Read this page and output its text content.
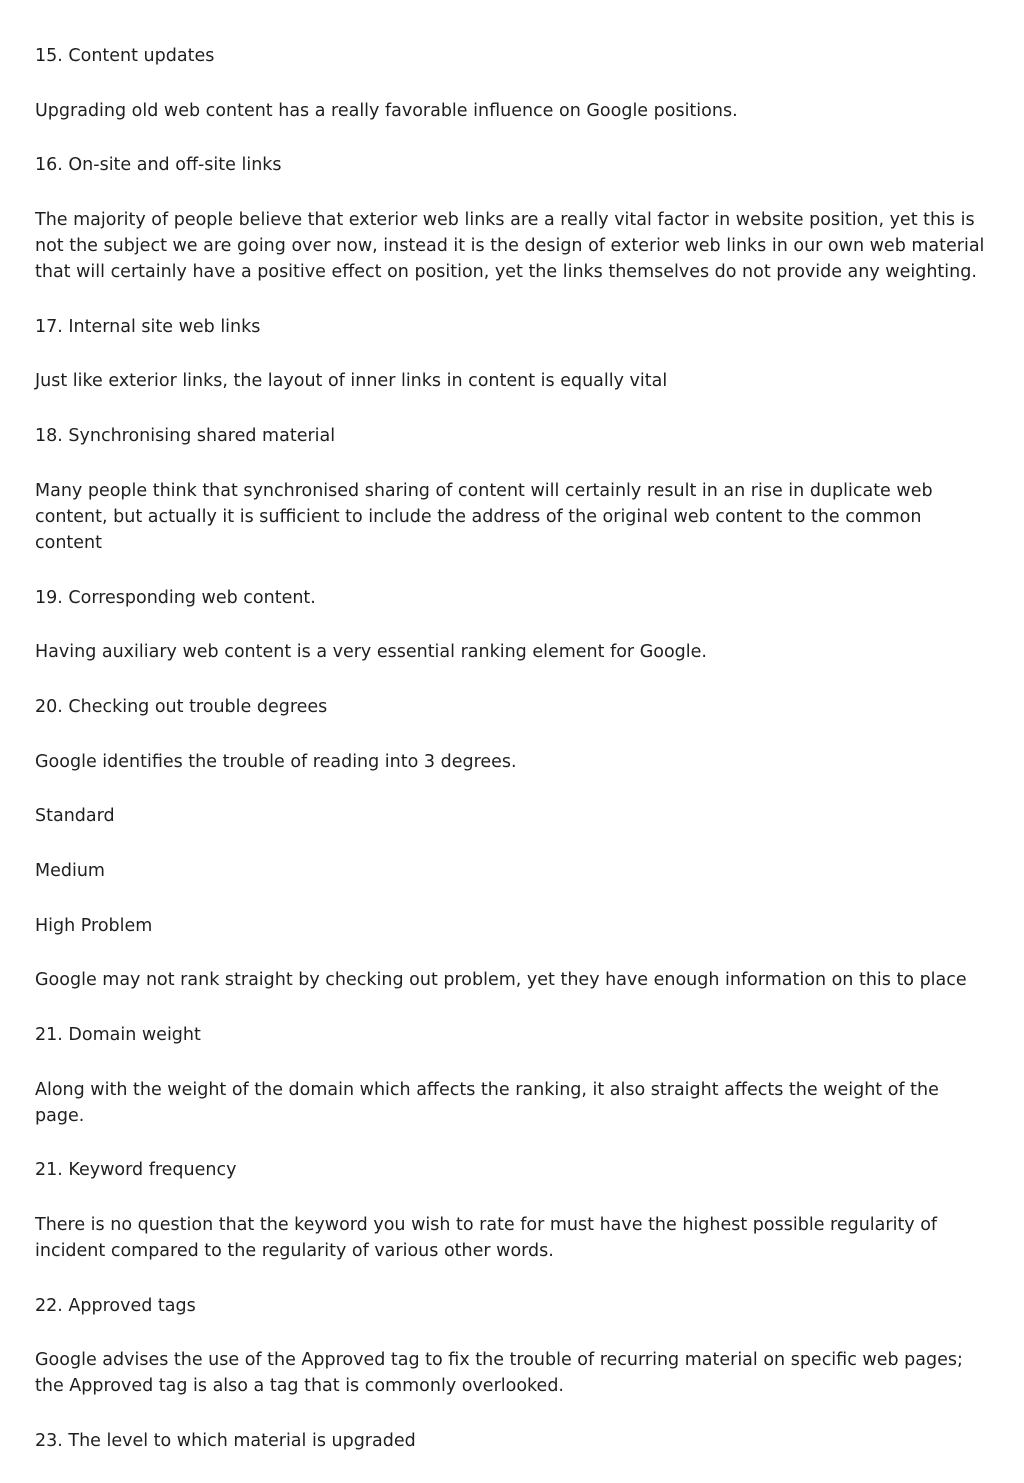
15. Content updates

Upgrading old web content has a really favorable influence on Google positions.

16. On-site and off-site links

The majority of people believe that exterior web links are a really vital factor in website position, yet this is not the subject we are going over now, instead it is the design of exterior web links in our own web material that will certainly have a positive effect on position, yet the links themselves do not provide any weighting.

17. Internal site web links

Just like exterior links, the layout of inner links in content is equally vital

18. Synchronising shared material

Many people think that synchronised sharing of content will certainly result in an rise in duplicate web content, but actually it is sufficient to include the address of the original web content to the common content

19. Corresponding web content.

Having auxiliary web content is a very essential ranking element for Google.

20. Checking out trouble degrees

Google identifies the trouble of reading into 3 degrees.

Standard

Medium

High Problem

Google may not rank straight by checking out problem, yet they have enough information on this to place

21. Domain weight

Along with the weight of the domain which affects the ranking, it also straight affects the weight of the page.

21. Keyword frequency

There is no question that the keyword you wish to rate for must have the highest possible regularity of incident compared to the regularity of various other words.

22. Approved tags

Google advises the use of the Approved tag to fix the trouble of recurring material on specific web pages; the Approved tag is also a tag that is commonly overlooked.

23. The level to which material is upgraded
